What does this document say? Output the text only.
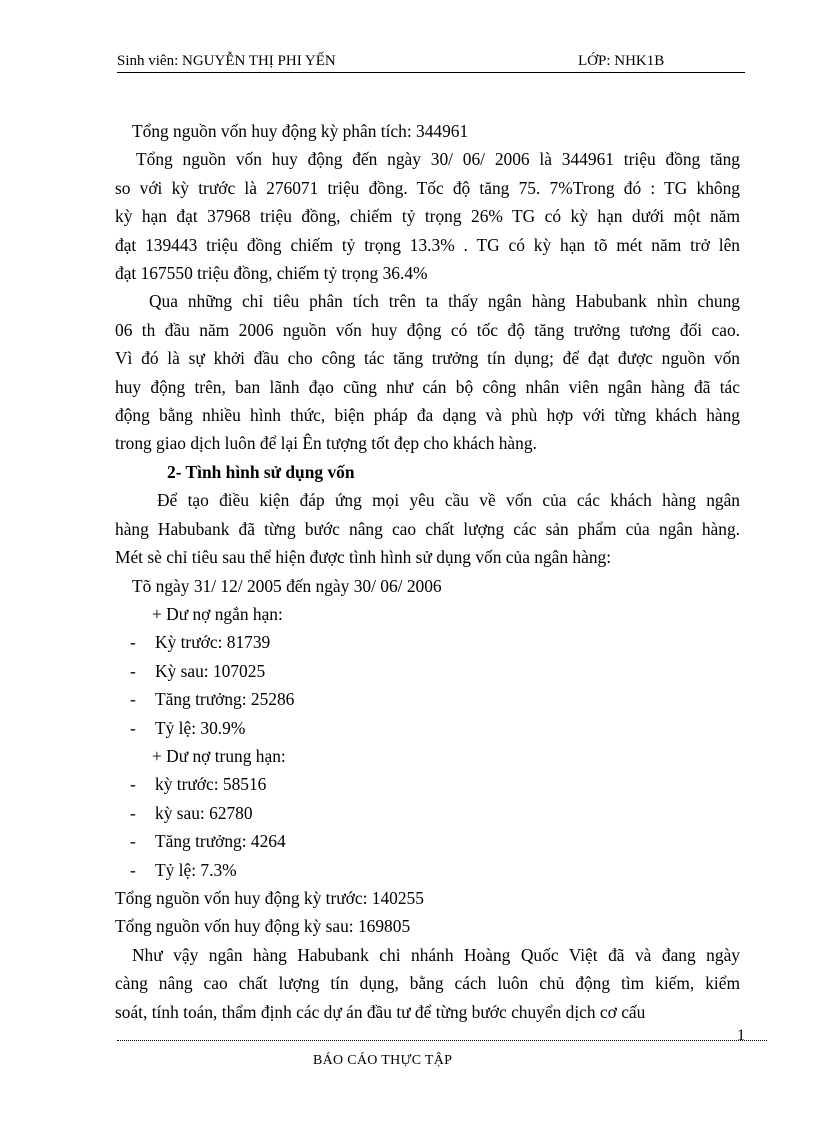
Sinh viên: NGUYỄN THỊ PHI YẾN	LỚP: NHK1B
Tổng nguồn vốn huy động kỳ phân tích: 344961
Tổng nguồn vốn huy động đến ngày 30/ 06/ 2006 là 344961 triệu đồng tăng
so với kỳ trước là 276071 triệu đồng. Tốc độ tăng 75. 7%Trong đó : TG không
kỳ hạn đạt 37968 triệu đồng, chiếm tỷ trọng 26% TG có kỳ hạn dưới một năm
đạt 139443 triệu đồng chiếm tỷ trọng 13.3% . TG có kỳ hạn tõ mét năm trở lên
đạt 167550 triệu đồng, chiếm tỷ trọng 36.4%
Qua những chỉ tiêu phân tích trên ta thấy ngân hàng Habubank nhìn chung
06 th đầu năm 2006 nguồn vốn huy động có tốc độ tăng trưởng tương đối cao.
Vì đó là sự khởi đầu cho công tác tăng trưởng tín dụng; để đạt được nguồn vốn
huy động trên, ban lãnh đạo cũng như cán bộ công nhân viên ngân hàng đã tác
động bằng nhiều hình thức, biện pháp đa dạng và phù hợp với từng khách hàng
trong giao dịch luôn để lại Ên tượng tốt đẹp cho khách hàng.
2- Tình hình sử dụng vốn
Để tạo điều kiện đáp ứng mọi yêu cầu về vốn của các khách hàng ngân
hàng Habubank đã từng bước nâng cao chất lượng các sản phẩm của ngân hàng.
Mét sè chỉ tiêu sau thể hiện được tình hình sử dụng vốn của ngân hàng:
Tõ ngày 31/ 12/ 2005 đến ngày 30/ 06/ 2006
+ Dư nợ ngắn hạn:
- Kỳ trước: 81739
- Kỳ sau: 107025
- Tăng trưởng: 25286
- Tỷ lệ: 30.9%
+ Dư nợ trung hạn:
- kỳ trước: 58516
- kỳ sau: 62780
- Tăng trưởng: 4264
- Tỷ lệ: 7.3%
Tổng nguồn vốn huy động kỳ trước: 140255
Tổng nguồn vốn huy động kỳ sau: 169805
Như vậy ngân hàng Habubank chi nhánh Hoàng Quốc Việt đã và đang ngày
càng nâng cao chất lượng tín dụng, bằng cách luôn chủ động tìm kiếm, kiểm
soát, tính toán, thẩm định các dự án đầu tư để từng bước chuyển dịch cơ cấu
1
BÁO CÁO THỰC TẬP
